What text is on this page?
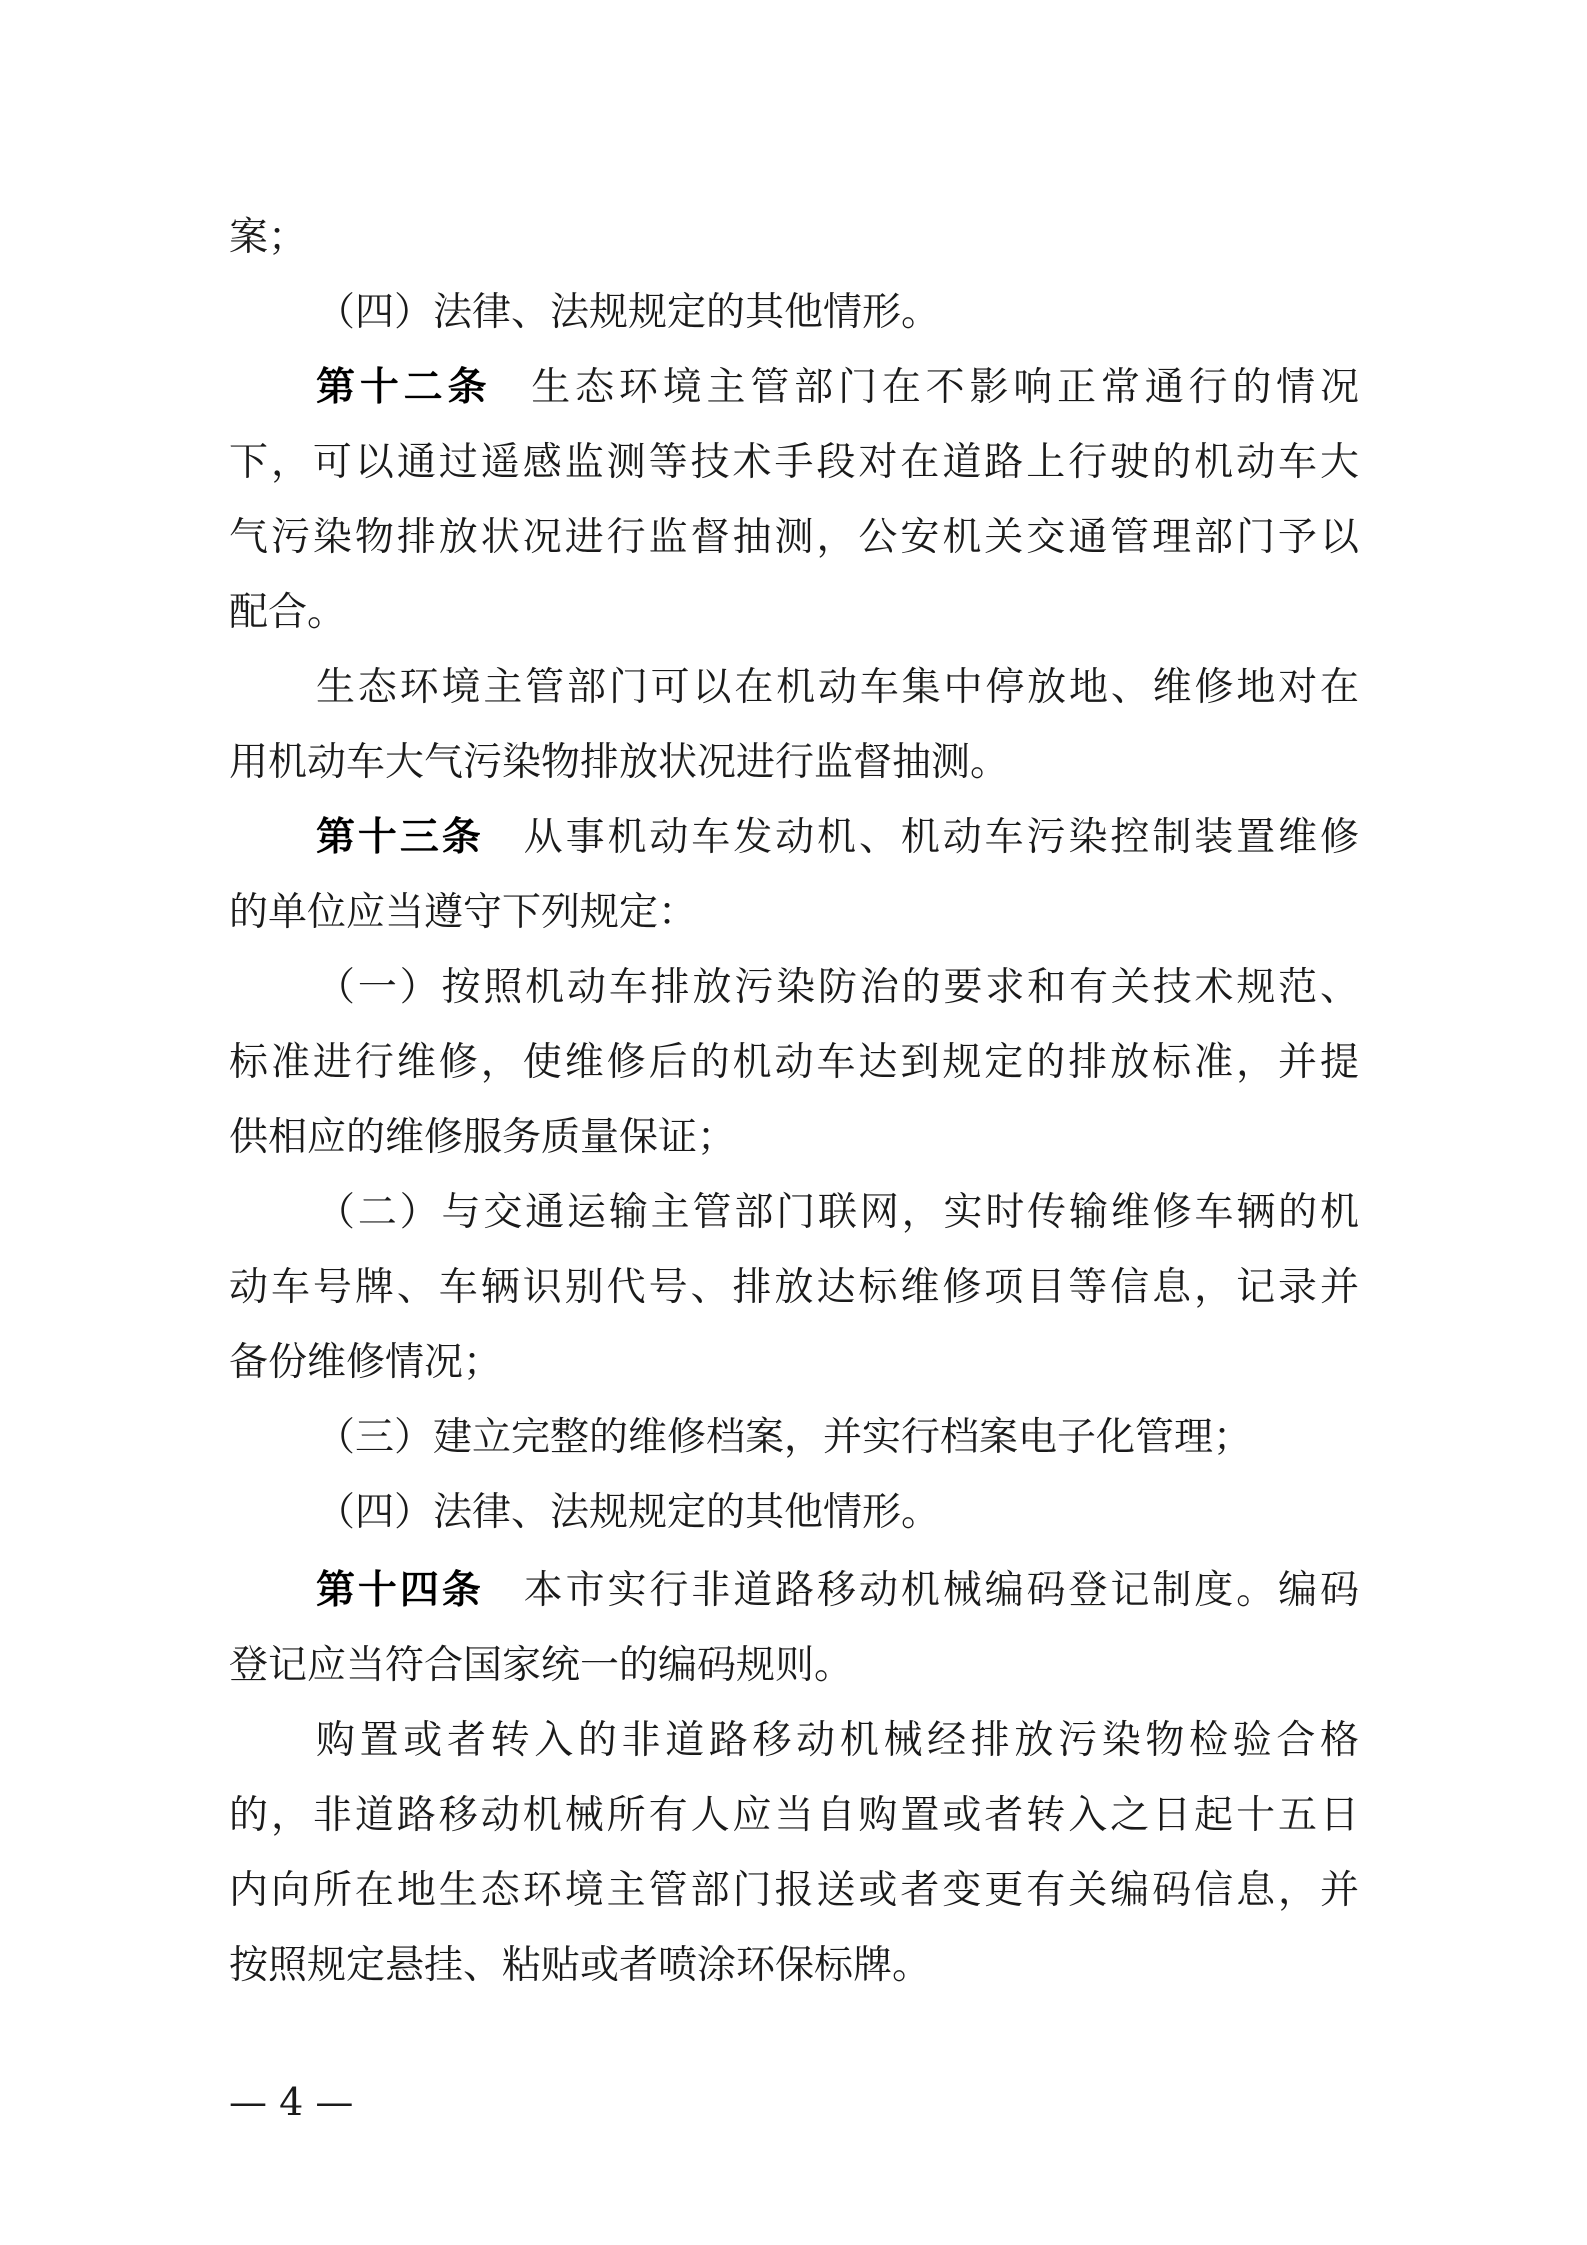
案；
（四）法律、法规规定的其他情形。
第十二条 生态环境主管部门在不影响正常通行的情况
下，可以通过遥感监测等技术手段对在道路上行驶的机动车大
气污染物排放状况进行监督抽测，公安机关交通管理部门予以
配合。
生态环境主管部门可以在机动车集中停放地、维修地对在
用机动车大气污染物排放状况进行监督抽测。
第十三条 从事机动车发动机、机动车污染控制装置维修
的单位应当遵守下列规定：
（一）按照机动车排放污染防治的要求和有关技术规范、
标准进行维修，使维修后的机动车达到规定的排放标准，并提
供相应的维修服务质量保证；
（二）与交通运输主管部门联网，实时传输维修车辆的机
动车号牌、车辆识别代号、排放达标维修项目等信息，记录并
备份维修情况；
（三）建立完整的维修档案，并实行档案电子化管理；
（四）法律、法规规定的其他情形。
第十四条 本市实行非道路移动机械编码登记制度。编码
登记应当符合国家统一的编码规则。
购置或者转入的非道路移动机械经排放污染物检验合格
的，非道路移动机械所有人应当自购置或者转入之日起十五日
内向所在地生态环境主管部门报送或者变更有关编码信息，并
按照规定悬挂、粘贴或者喷涂环保标牌。
— 4 —
